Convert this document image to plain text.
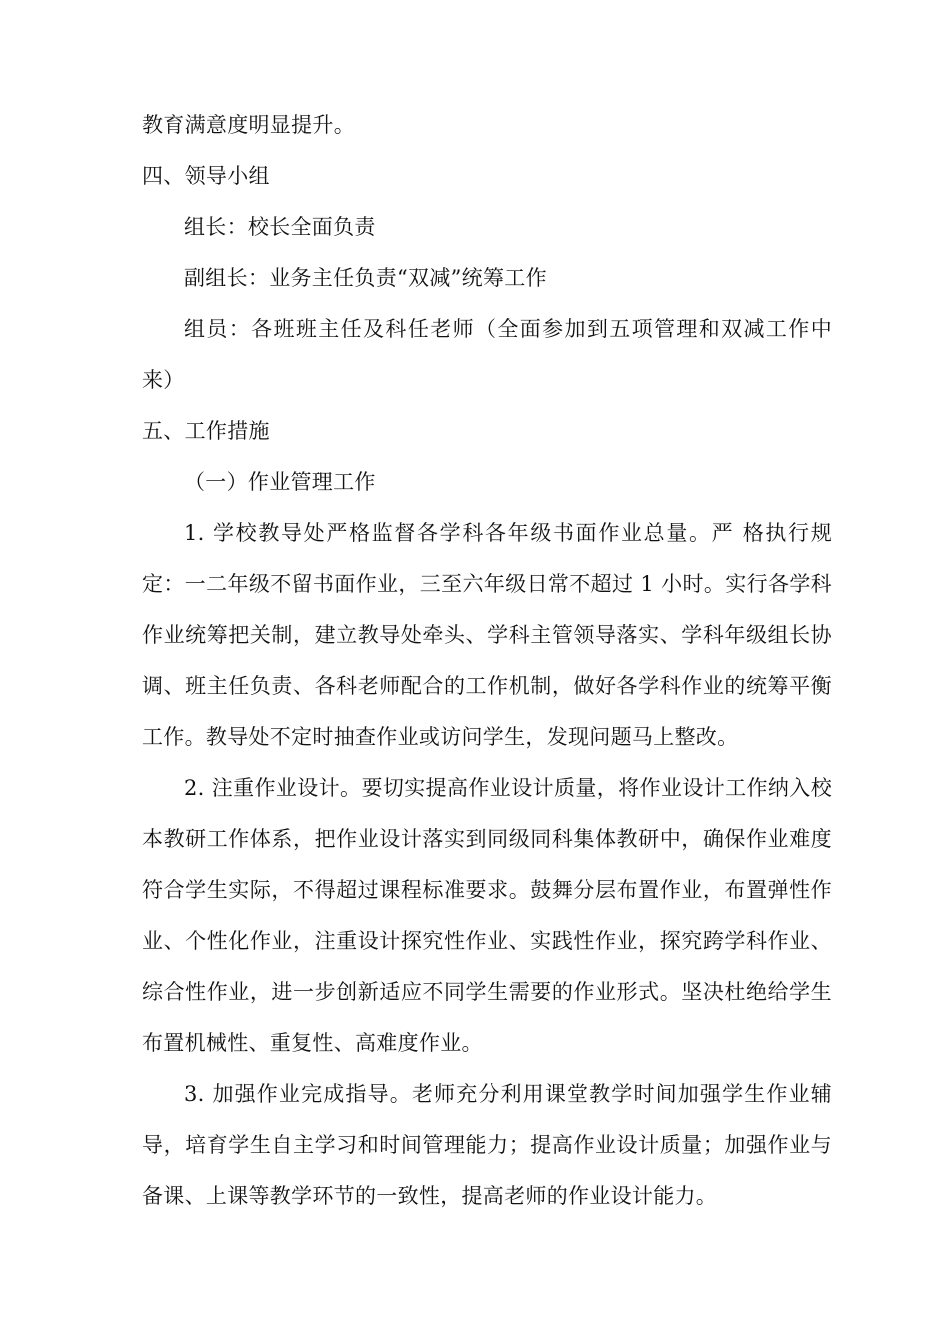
教育满意度明显提升。

四、领导小组

组长：校长全面负责

副组长：业务主任负责“双减”统筹工作

组员：各班班主任及科任老师（全面参加到五项管理和双减工作中来）

五、工作措施

（一）作业管理工作

1. 学校教导处严格监督各学科各年级书面作业总量。严 格执行规定：一二年级不留书面作业，三至六年级日常不超过 1 小时。实行各学科作业统筹把关制，建立教导处牵头、学科主管领导落实、学科年级组长协调、班主任负责、各科老师配合的工作机制，做好各学科作业的统筹平衡工作。教导处不定时抽查作业或访问学生，发现问题马上整改。

2. 注重作业设计。要切实提高作业设计质量，将作业设计工作纳入校本教研工作体系，把作业设计落实到同级同科集体教研中，确保作业难度符合学生实际，不得超过课程标准要求。鼓舞分层布置作业，布置弹性作业、个性化作业，注重设计探究性作业、实践性作业，探究跨学科作业、综合性作业，进一步创新适应不同学生需要的作业形式。坚决杜绝给学生布置机械性、重复性、高难度作业。

3. 加强作业完成指导。老师充分利用课堂教学时间加强学生作业辅导，培育学生自主学习和时间管理能力；提高作业设计质量；加强作业与备课、上课等教学环节的一致性，提高老师的作业设计能力。
